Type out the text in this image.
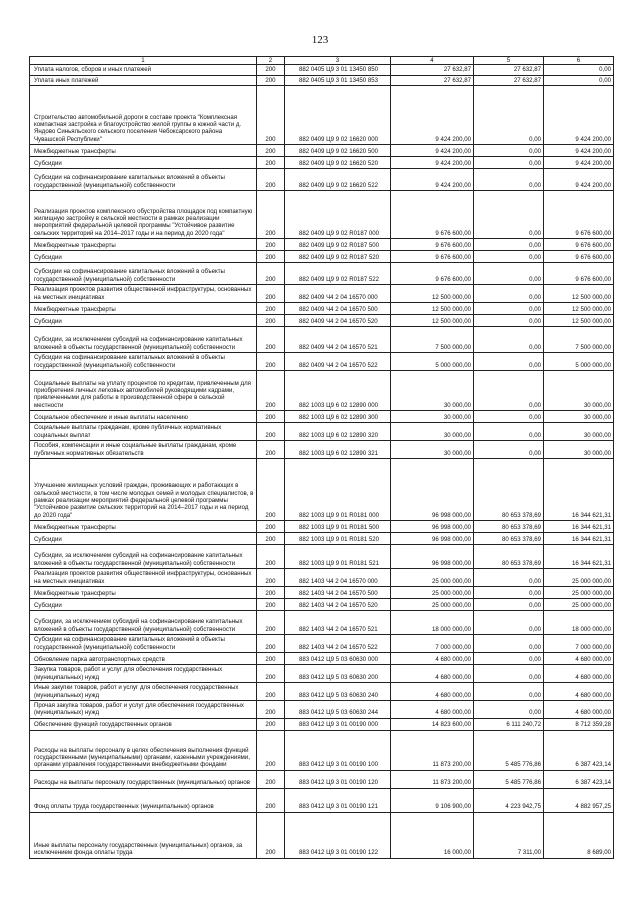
123
1	2	3	4	5	6
Уплата налогов, сборов и иных платежей	200	882 0405 Ц9 3 01 13450 850	27 632,87	27 632,87	0,00
Уплата иных платежей	200	882 0405 Ц9 3 01 13450 853	27 632,87	27 632,87	0,00
Строительство автомобильной дороги в составе проекта "Комплексная компактная застройка и благоустройство жилой группы в южной части д. Яндово Синьяльского сельского поселения Чебоксарского района Чувашской Республики"	200	882 0409 Ц9 9 02 16620 000	9 424 200,00	0,00	9 424 200,00
Межбюджетные трансферты	200	882 0409 Ц9 9 02 16620 500	9 424 200,00	0,00	9 424 200,00
Субсидии	200	882 0409 Ц9 9 02 16620 520	9 424 200,00	0,00	9 424 200,00
Субсидии на софинансирование капитальных вложений в объекты государственной (муниципальной) собственности	200	882 0409 Ц9 9 02 16620 522	9 424 200,00	0,00	9 424 200,00
Реализация проектов комплексного обустройства площадок под компактную жилищную застройку в сельской местности в рамках реализации мероприятий федеральной целевой программы "Устойчивое развитие сельских территорий на 2014–2017 годы и на период до 2020 года"	200	882 0409 Ц9 9 02 R0187 000	9 676 600,00	0,00	9 676 600,00
Межбюджетные трансферты	200	882 0409 Ц9 9 02 R0187 500	9 676 600,00	0,00	9 676 600,00
Субсидии	200	882 0409 Ц9 9 02 R0187 520	9 676 600,00	0,00	9 676 600,00
Субсидии на софинансирование капитальных вложений в объекты государственной (муниципальной) собственности	200	882 0409 Ц9 9 02 R0187 522	9 676 600,00	0,00	9 676 600,00
Реализация проектов развития общественной инфраструктуры, основанных на местных инициативах	200	882 0409 Ч4 2 04 16570 000	12 500 000,00	0,00	12 500 000,00
Межбюджетные трансферты	200	882 0409 Ч4 2 04 16570 500	12 500 000,00	0,00	12 500 000,00
Субсидии	200	882 0409 Ч4 2 04 16570 520	12 500 000,00	0,00	12 500 000,00
Субсидии, за исключением субсидий на софинансирование капитальных вложений в объекты государственной (муниципальной) собственности	200	882 0409 Ч4 2 04 16570 521	7 500 000,00	0,00	7 500 000,00
Субсидии на софинансирование капитальных вложений в объекты государственной (муниципальной) собственности	200	882 0409 Ч4 2 04 16570 522	5 000 000,00	0,00	5 000 000,00
Социальные выплаты на уплату процентов по кредитам, привлеченным для приобретения личных легковых автомобилей руководящими кадрами, привлеченными для работы в производственной сфере в сельской местности	200	882 1003 Ц9 6 02 12890 000	30 000,00	0,00	30 000,00
Социальное обеспечение и иные выплаты населению	200	882 1003 Ц9 6 02 12890 300	30 000,00	0,00	30 000,00
Социальные выплаты гражданам, кроме публичных нормативных социальных выплат	200	882 1003 Ц9 6 02 12890 320	30 000,00	0,00	30 000,00
Пособия, компенсации и иные социальные выплаты гражданам, кроме публичных нормативных обязательств	200	882 1003 Ц9 6 02 12890 321	30 000,00	0,00	30 000,00
Улучшение жилищных условий граждан, проживающих и работающих в сельской местности, в том числе молодых семей и молодых специалистов, в рамках реализации мероприятий федеральной целевой программы "Устойчивое развитие сельских территорий на 2014–2017 годы и на период до 2020 года"	200	882 1003 Ц9 9 01 R0181 000	96 998 000,00	80 653 378,69	16 344 621,31
Межбюджетные трансферты	200	882 1003 Ц9 9 01 R0181 500	96 998 000,00	80 653 378,69	16 344 621,31
Субсидии	200	882 1003 Ц9 9 01 R0181 520	96 998 000,00	80 653 378,69	16 344 621,31
Субсидии, за исключением субсидий на софинансирование капитальных вложений в объекты государственной (муниципальной) собственности	200	882 1003 Ц9 9 01 R0181 521	96 998 000,00	80 653 378,69	16 344 621,31
Реализация проектов развития общественной инфраструктуры, основанных на местных инициативах	200	882 1403 Ч4 2 04 16570 000	25 000 000,00	0,00	25 000 000,00
Межбюджетные трансферты	200	882 1403 Ч4 2 04 16570 500	25 000 000,00	0,00	25 000 000,00
Субсидии	200	882 1403 Ч4 2 04 16570 520	25 000 000,00	0,00	25 000 000,00
Субсидии, за исключением субсидий на софинансирование капитальных вложений в объекты государственной (муниципальной) собственности	200	882 1403 Ч4 2 04 16570 521	18 000 000,00	0,00	18 000 000,00
Субсидии на софинансирование капитальных вложений в объекты государственной (муниципальной) собственности	200	882 1403 Ч4 2 04 16570 522	7 000 000,00	0,00	7 000 000,00
Обновление парка автотранспортных средств	200	883 0412 Ц9 5 03 60630 000	4 680 000,00	0,00	4 680 000,00
Закупка товаров, работ и услуг для обеспечения государственных (муниципальных) нужд	200	883 0412 Ц9 5 03 60630 200	4 680 000,00	0,00	4 680 000,00
Иные закупки товаров, работ и услуг для обеспечения государственных (муниципальных) нужд	200	883 0412 Ц9 5 03 60630 240	4 680 000,00	0,00	4 680 000,00
Прочая закупка товаров, работ и услуг для обеспечения государственных (муниципальных) нужд	200	883 0412 Ц9 5 03 60630 244	4 680 000,00	0,00	4 680 000,00
Обеспечение функций государственных органов	200	883 0412 Ц9 3 01 00190 000	14 823 600,00	6 111 240,72	8 712 359,28
Расходы на выплаты персоналу в целях обеспечения выполнения функций государственными (муниципальными) органами, казенными учреждениями, органами управления государственными внебюджетными фондами	200	883 0412 Ц9 3 01 00190 100	11 873 200,00	5 485 776,86	6 387 423,14
Расходы на выплаты персоналу государственных (муниципальных) органов	200	883 0412 Ц9 3 01 00190 120	11 873 200,00	5 485 776,86	6 387 423,14
Фонд оплаты труда государственных (муниципальных) органов	200	883 0412 Ц9 3 01 00190 121	9 106 900,00	4 223 942,75	4 882 957,25
Иные выплаты персоналу государственных (муниципальных) органов, за исключением фонда оплаты труда	200	883 0412 Ц9 3 01 00190 122	16 000,00	7 311,00	8 689,00
